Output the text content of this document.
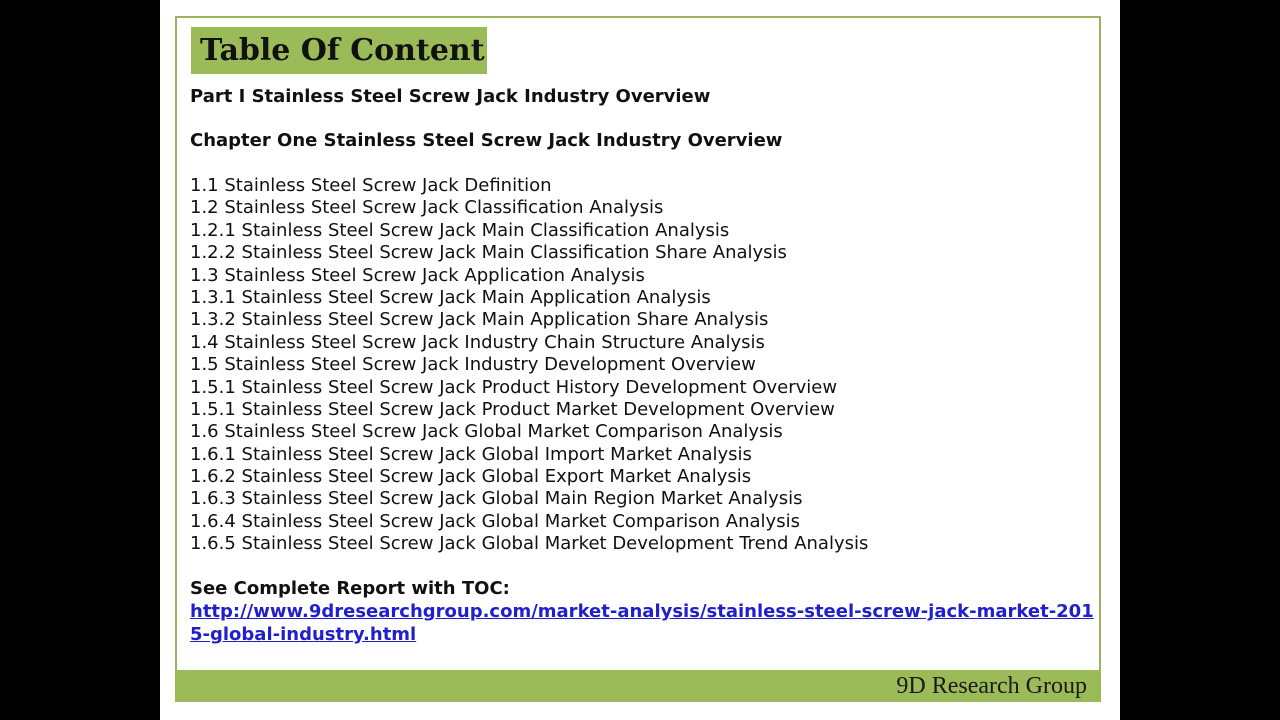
Table Of Content
Part I Stainless Steel Screw Jack Industry Overview
Chapter One Stainless Steel Screw Jack Industry Overview
1.1 Stainless Steel Screw Jack Definition
1.2 Stainless Steel Screw Jack Classification Analysis
1.2.1 Stainless Steel Screw Jack Main Classification Analysis
1.2.2 Stainless Steel Screw Jack Main Classification Share Analysis
1.3 Stainless Steel Screw Jack Application Analysis
1.3.1 Stainless Steel Screw Jack Main Application Analysis
1.3.2 Stainless Steel Screw Jack Main Application Share Analysis
1.4 Stainless Steel Screw Jack Industry Chain Structure Analysis
1.5 Stainless Steel Screw Jack Industry Development Overview
1.5.1 Stainless Steel Screw Jack Product History Development Overview
1.5.1 Stainless Steel Screw Jack Product Market Development Overview
1.6 Stainless Steel Screw Jack Global Market Comparison Analysis
1.6.1 Stainless Steel Screw Jack Global Import Market Analysis
1.6.2 Stainless Steel Screw Jack Global Export Market Analysis
1.6.3 Stainless Steel Screw Jack Global Main Region Market Analysis
1.6.4 Stainless Steel Screw Jack Global Market Comparison Analysis
1.6.5 Stainless Steel Screw Jack Global Market Development Trend Analysis
See Complete Report with TOC:
http://www.9dresearchgroup.com/market-analysis/stainless-steel-screw-jack-market-2015-global-industry.html
9D Research Group
